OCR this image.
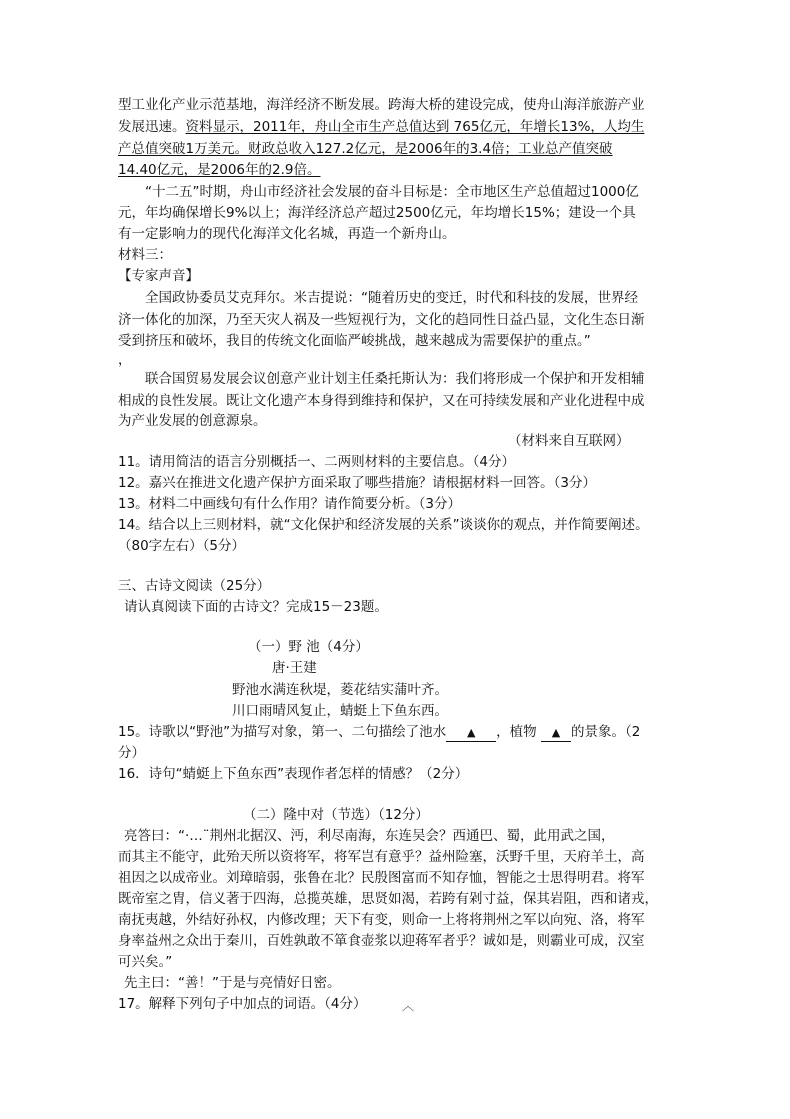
型工业化产业示范基地，海洋经济不断发展。跨海大桥的建设完成，使舟山海洋旅游产业
发展迅速。资料显示，2011年，舟山全市生产总值达到 765亿元，年增长13%，人均生
产总值突破1万美元。财政总收入127.2亿元，是2006年的3.4倍；工业总产值突破
14.40亿元，是2006年的2.9倍。
“十二五”时期，舟山市经济社会发展的奋斗目标是：全市地区生产总值超过1000亿
元，年均确保增长9%以上；海洋经济总产超过2500亿元，年均增长15%；建设一个具
有一定影响力的现代化海洋文化名城，再造一个新舟山。
材料三：
【专家声音】
全国政协委员艾克拜尔。米吉提说：“随着历史的变迁，时代和科技的发展，世界经
济一体化的加深，乃至天灾人祸及一些短视行为，文化的趋同性日益凸显，文化生态日渐
受到挤压和破坏，我目的传统文化面临严峻挑战，越来越成为需要保护的重点。”
，
联合国贸易发展会议创意产业计划主任桑托斯认为：我们将形成一个保护和开发相辅
相成的良性发展。既让文化遗产本身得到维持和保护，又在可持续发展和产业化进程中成
为产业发展的创意源泉。
（材料来自互联网）
11。请用简洁的语言分别概括一、二两则材料的主要信息。（4分）
12。嘉兴在推进文化遗产保护方面采取了哪些措施？请根据材料一回答。（3分）
13。材料二中画线句有什么作用？请作简要分析。（3分）
14。结合以上三则材料，就“文化保护和经济发展的关系”谈谈你的观点，并作简要阐述。
（80字左右）（5分）
三、古诗文阅读（25分）
请认真阅读下面的古诗文？完成15－23题。
（一）野 池（4分）
唐·王建
野池水满连秋堤，菱花结实蒲叶齐。
川口雨晴风复止，蜻蜓上下鱼东西。
15。诗歌以“野池”为描写对象，第一、二句描绘了池水 ▲ ，植物 ▲ 的景象。（2
分）
16．诗句“蜻蜓上下鱼东西”表现作者怎样的情感？（2分）
（二）隆中对（节选）（12分）
亮答曰：“·…¨荆州北据汉、沔，利尽南海，东连吴会？西通巴、蜀，此用武之国，
而其主不能守，此殆天所以资将军，将军岂有意乎？益州险塞，沃野千里，天府羊土，高
祖因之以成帝业。刘璋暗弱，张鲁在北？民殷图富而不知存恤，智能之士思得明君。将军
既帝室之胄，信义著于四海，总揽英雄，思贤如渴，若跨有剁寸益，保其岩阻，西和诸戎，
南抚夷越，外结好孙权，内修改理；天下有变，则命一上将将荆州之军以向宛、洛，将军
身率益州之众出于秦川，百姓孰敢不箪食壶浆以迎蒋军者乎？诚如是，则霸业可成，汉室
可兴矣。”
先主曰：“善！”于是与亮情好日密。
17。解释下列句子中加点的词语。（4分）	︿
